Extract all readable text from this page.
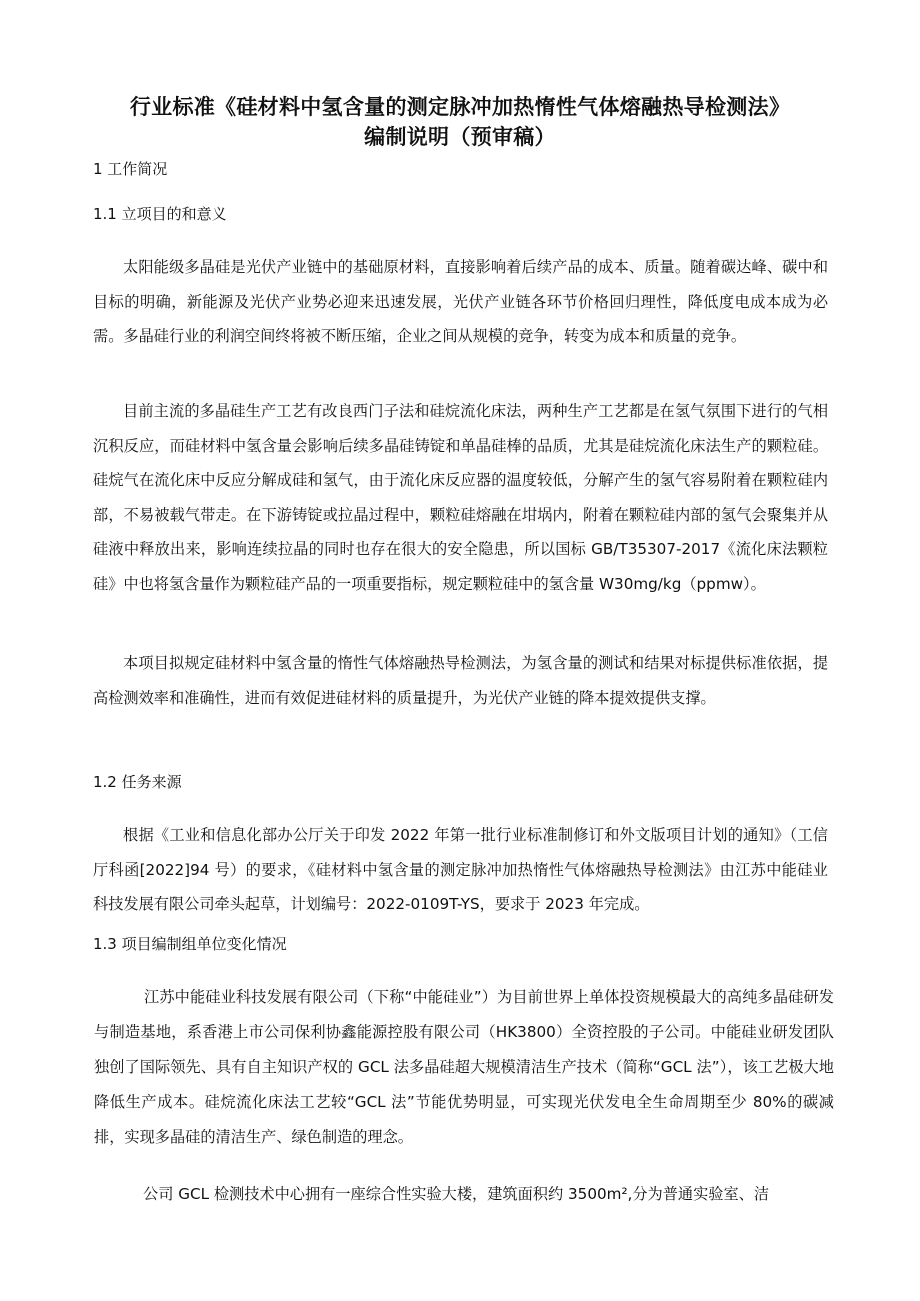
行业标准《硅材料中氢含量的测定脉冲加热惰性气体熔融热导检测法》
编制说明（预审稿）
1 工作简况
1.1 立项目的和意义

太阳能级多晶硅是光伏产业链中的基础原材料，直接影响着后续产品的成本、质量。随着碳达峰、碳中和目标的明确，新能源及光伏产业势必迎来迅速发展，光伏产业链各环节价格回归理性，降低度电成本成为必需。多晶硅行业的利润空间终将被不断压缩，企业之间从规模的竞争，转变为成本和质量的竞争。

目前主流的多晶硅生产工艺有改良西门子法和硅烷流化床法，两种生产工艺都是在氢气氛围下进行的气相沉积反应，而硅材料中氢含量会影响后续多晶硅铸锭和单晶硅棒的品质，尤其是硅烷流化床法生产的颗粒硅。硅烷气在流化床中反应分解成硅和氢气，由于流化床反应器的温度较低，分解产生的氢气容易附着在颗粒硅内部，不易被载气带走。在下游铸锭或拉晶过程中，颗粒硅熔融在坩埚内，附着在颗粒硅内部的氢气会聚集并从硅液中释放出来，影响连续拉晶的同时也存在很大的安全隐患，所以国标 GB/T35307-2017《流化床法颗粒硅》中也将氢含量作为颗粒硅产品的一项重要指标，规定颗粒硅中的氢含量 W30mg/kg（ppmw）。

本项目拟规定硅材料中氢含量的惰性气体熔融热导检测法，为氢含量的测试和结果对标提供标准依据，提高检测效率和准确性，进而有效促进硅材料的质量提升，为光伏产业链的降本提效提供支撑。

1.2 任务来源

根据《工业和信息化部办公厅关于印发 2022 年第一批行业标准制修订和外文版项目计划的通知》（工信厅科函[2022]94 号）的要求，《硅材料中氢含量的测定脉冲加热惰性气体熔融热导检测法》由江苏中能硅业科技发展有限公司牵头起草，计划编号：2022-0109T-YS，要求于 2023 年完成。

1.3 项目编制组单位变化情况

江苏中能硅业科技发展有限公司（下称“中能硅业”）为目前世界上单体投资规模最大的高纯多晶硅研发与制造基地，系香港上市公司保利协鑫能源控股有限公司（HK3800）全资控股的子公司。中能硅业研发团队独创了国际领先、具有自主知识产权的 GCL 法多晶硅超大规模清洁生产技术（简称“GCL 法”），该工艺极大地降低生产成本。硅烷流化床法工艺较“GCL 法”节能优势明显，可实现光伏发电全生命周期至少 80%的碳减排，实现多晶硅的清洁生产、绿色制造的理念。

公司 GCL 检测技术中心拥有一座综合性实验大楼，建筑面积约 3500m²,分为普通实验室、洁
